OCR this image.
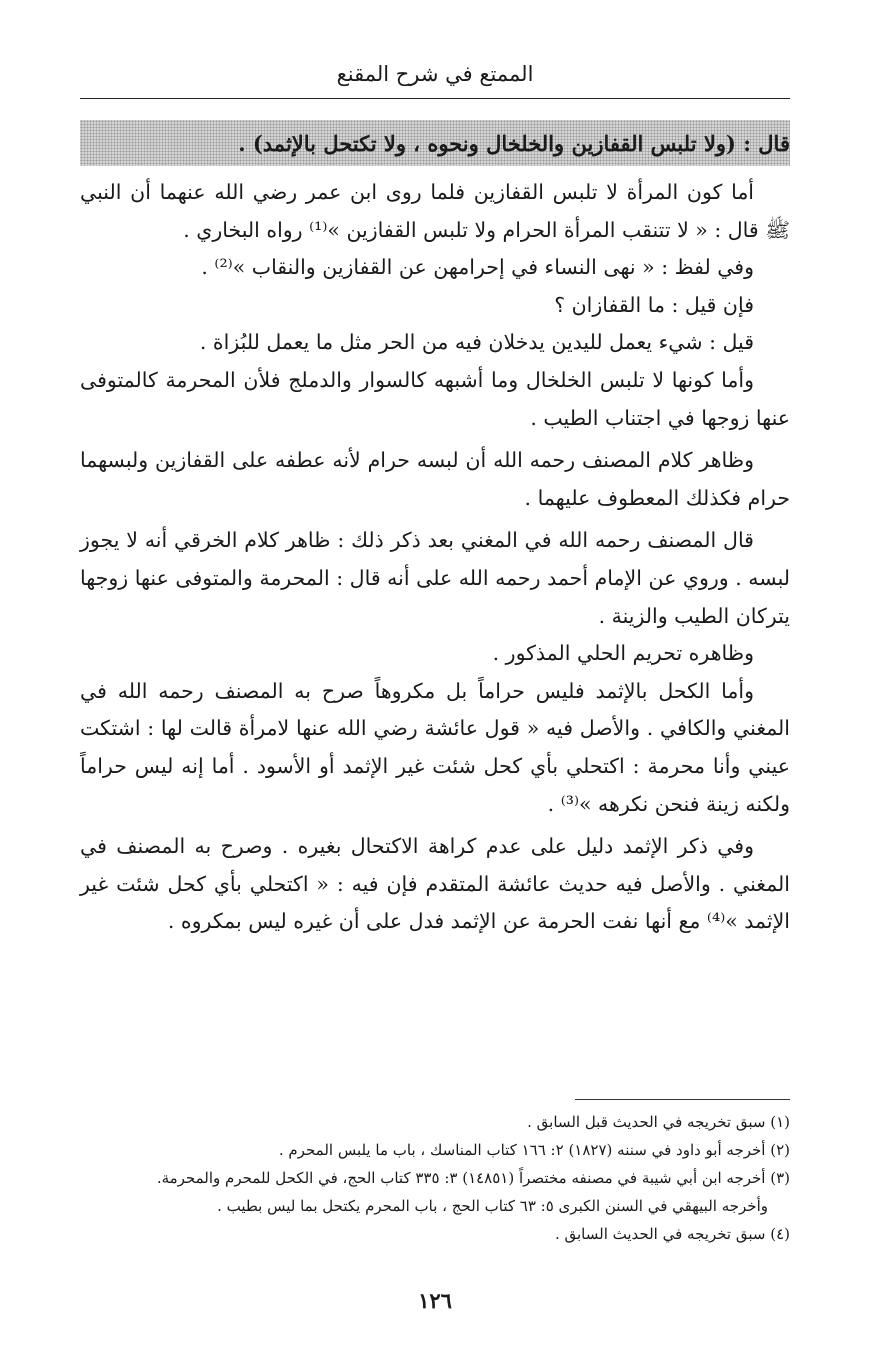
الممتع في شرح المقنع
قال : (ولا تلبس القفازين والخلخال ونحوه ، ولا تكتحل بالإثمد) .

أما كون المرأة لا تلبس القفازين فلما روى ابن عمر رضي الله عنهما أن النبي ﷺ قال : « لا تتنقب المرأة الحرام ولا تلبس القفازين »⁽¹⁾ رواه البخاري .

وفي لفظ : « نهى النساء في إحرامهن عن القفازين والنقاب »⁽²⁾ .

فإن قيل : ما القفازان ؟

قيل : شيء يعمل لليدين يدخلان فيه من الحر مثل ما يعمل للبُزاة .

وأما كونها لا تلبس الخلخال وما أشبهه كالسوار والدملج فلأن المحرمة كالمتوفى عنها زوجها في اجتناب الطيب .

وظاهر كلام المصنف رحمه الله أن لبسه حرام لأنه عطفه على القفازين ولبسهما حرام فكذلك المعطوف عليهما .

قال المصنف رحمه الله في المغني بعد ذكر ذلك : ظاهر كلام الخرقي أنه لا يجوز لبسه . وروي عن الإمام أحمد رحمه الله على أنه قال : المحرمة والمتوفى عنها زوجها يتركان الطيب والزينة .

وظاهره تحريم الحلي المذكور .

وأما الكحل بالإثمد فليس حراماً بل مكروهاً صرح به المصنف رحمه الله في المغني والكافي . والأصل فيه « قول عائشة رضي الله عنها لامرأة قالت لها : اشتكت عيني وأنا محرمة : اكتحلي بأي كحل شئت غير الإثمد أو الأسود . أما إنه ليس حراماً ولكنه زينة فنحن نكرهه »⁽³⁾ .

وفي ذكر الإثمد دليل على عدم كراهة الاكتحال بغيره . وصرح به المصنف في المغني . والأصل فيه حديث عائشة المتقدم فإن فيه : « اكتحلي بأي كحل شئت غير الإثمد »⁽⁴⁾ مع أنها نفت الحرمة عن الإثمد فدل على أن غيره ليس بمكروه .

(١) سبق تخريجه في الحديث قبل السابق .
(٢) أخرجه أبو داود في سننه (١٨٢٧) ٢: ١٦٦ كتاب المناسك ، باب ما يلبس المحرم .
(٣) أخرجه ابن أبي شيبة في مصنفه مختصراً (١٤٨٥١) ٣: ٣٣٥ كتاب الحج، في الكحل للمحرم والمحرمة.
وأخرجه البيهقي في السنن الكبرى ٥: ٦٣ كتاب الحج ، باب المحرم يكتحل بما ليس بطيب .
(٤) سبق تخريجه في الحديث السابق .
١٢٦
